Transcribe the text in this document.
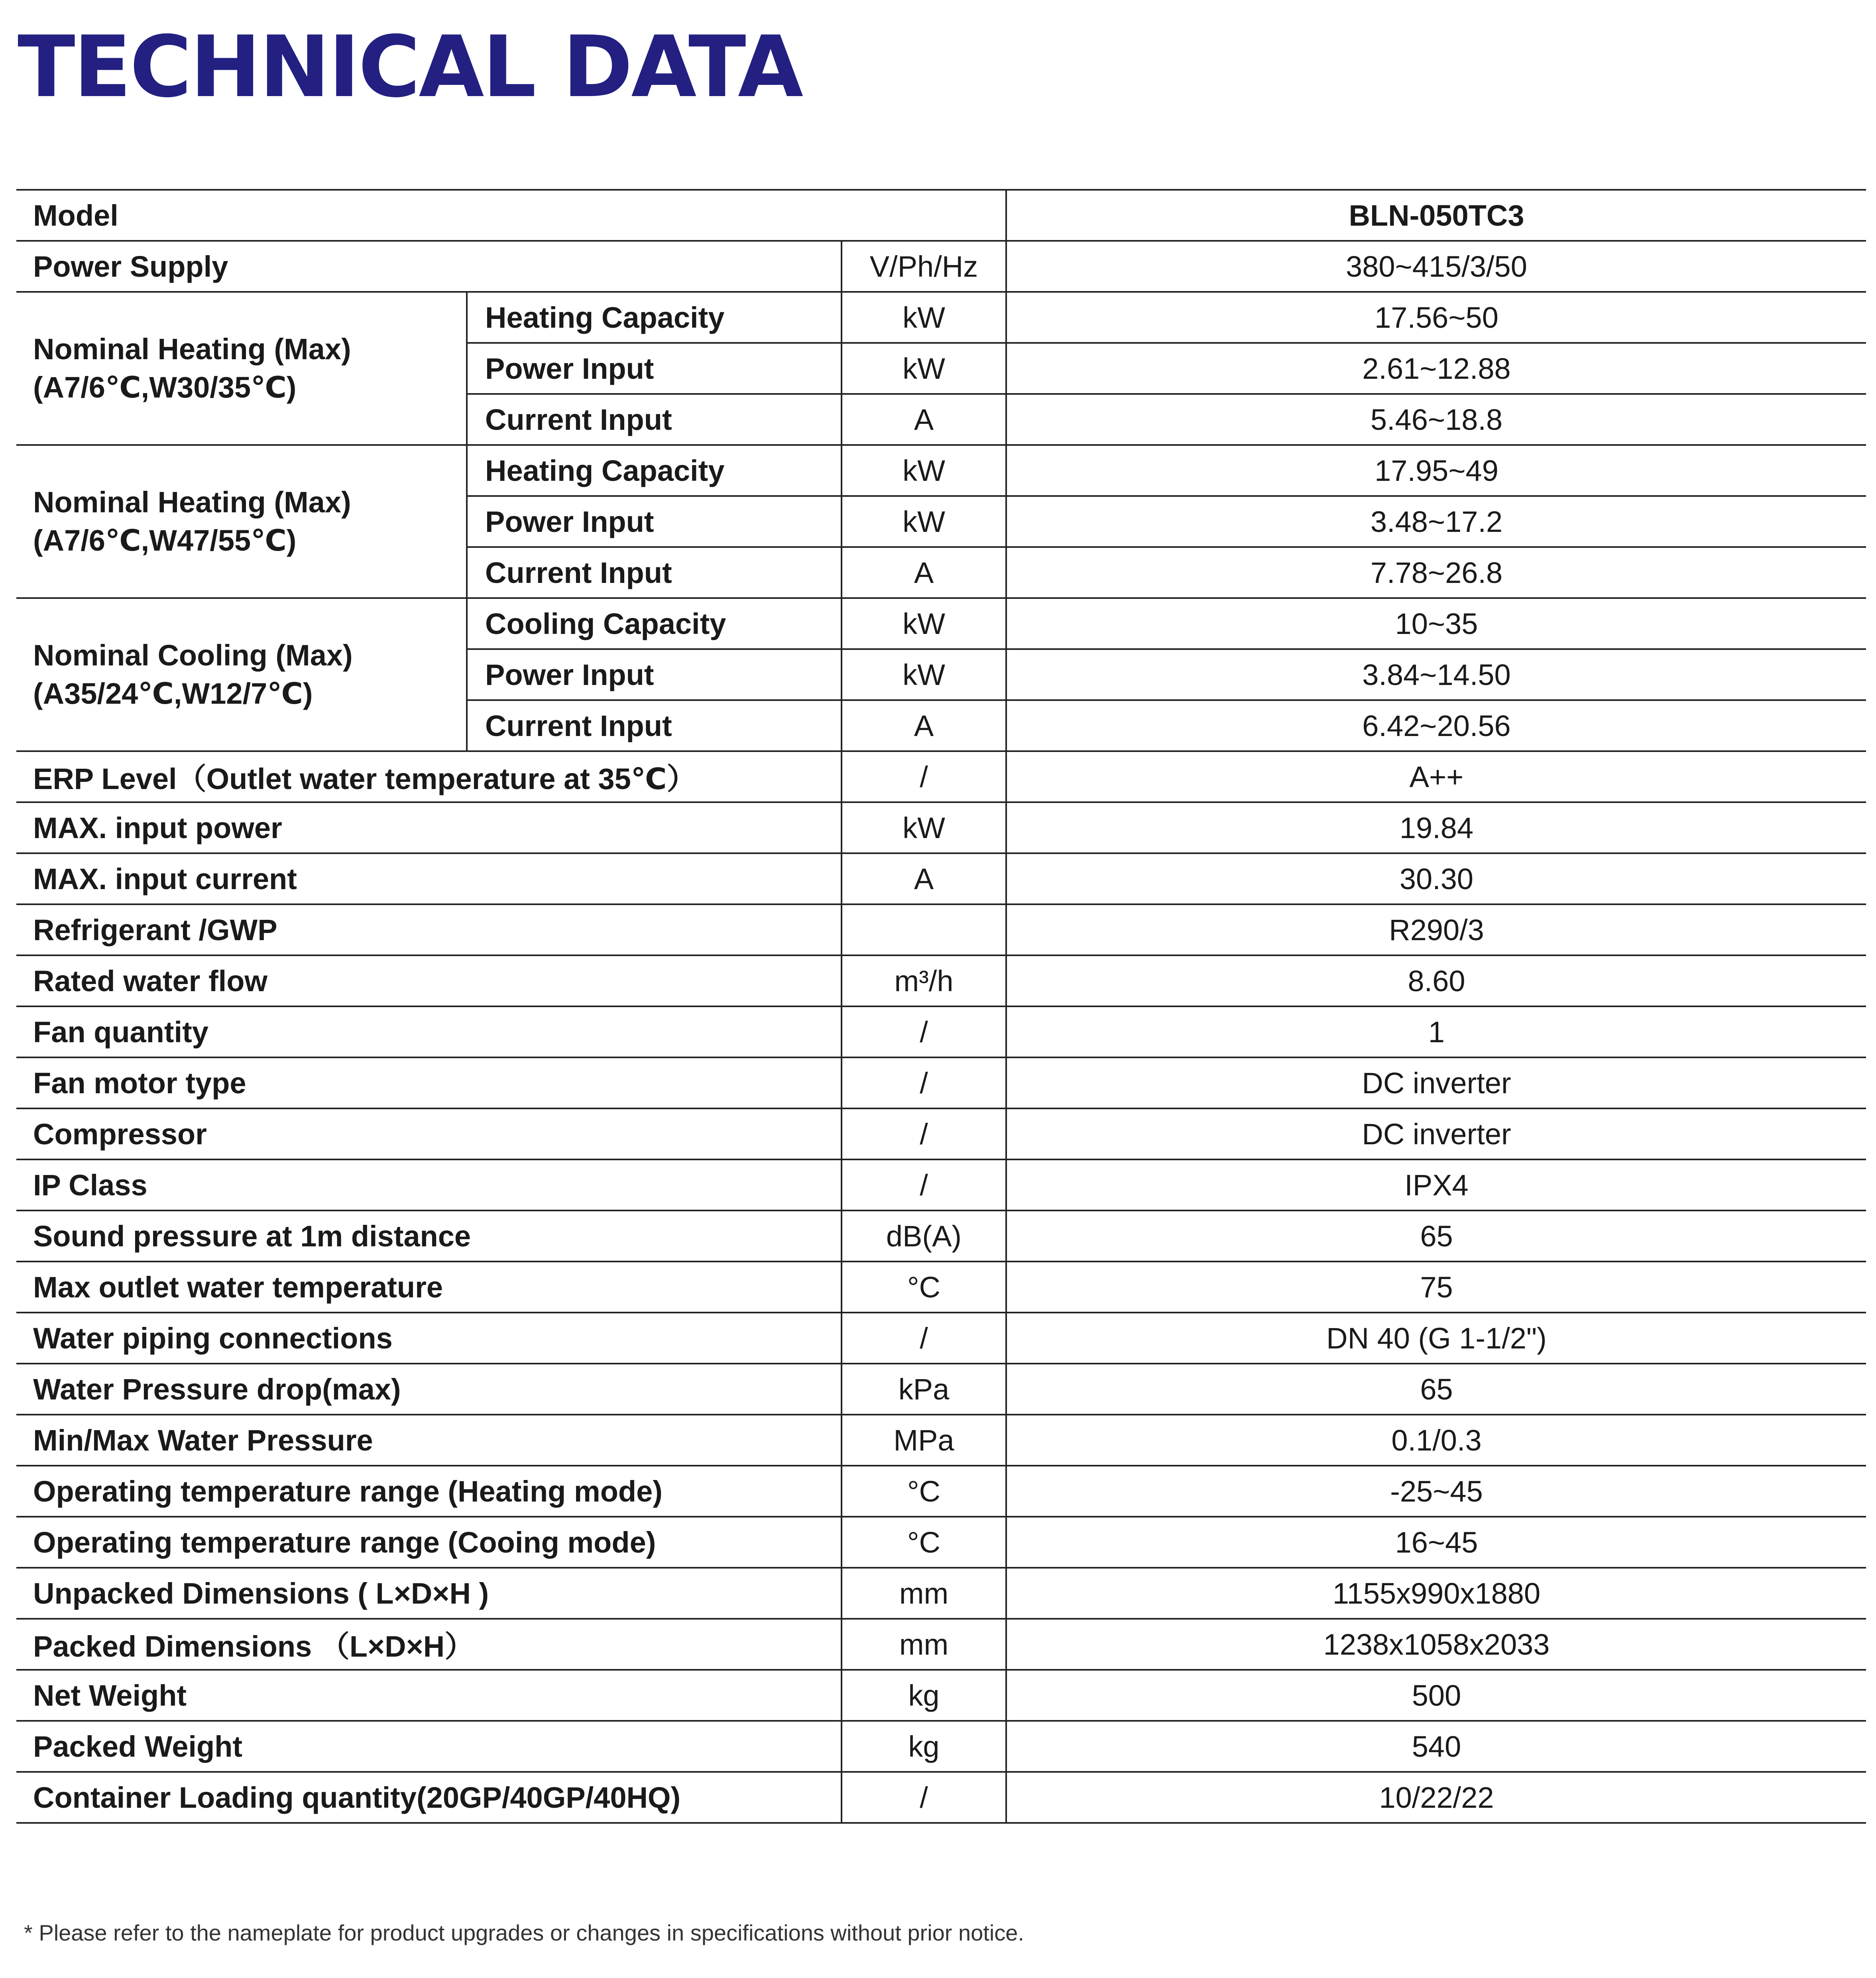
TECHNICAL DATA
Model			BLN-050TC3
Power Supply		V/Ph/Hz	380~415/3/50

Nominal Heating (Max)
(A7/6℃,W30/35℃)	Heating Capacity	kW	17.56~50
	Power Input	kW	2.61~12.88
	Current Input	A	5.46~18.8

Nominal Heating (Max)
(A7/6℃,W47/55℃)	Heating Capacity	kW	17.95~49
	Power Input	kW	3.48~17.2
	Current Input	A	7.78~26.8

Nominal Cooling (Max)
(A35/24℃,W12/7℃)	Cooling Capacity	kW	10~35
	Power Input	kW	3.84~14.50
	Current Input	A	6.42~20.56
ERP Level（Outlet water temperature at 35℃）		/	A++
MAX. input power		kW	19.84
MAX. input current		A	30.30
Refrigerant /GWP			R290/3
Rated water flow		m³/h	8.60
Fan quantity		/	1
Fan motor type		/	DC inverter
Compressor		/	DC inverter
IP Class		/	IPX4
Sound pressure at 1m distance		dB(A)	65
Max outlet water temperature		°C	75
Water piping connections		/	DN 40 (G 1-1/2")
Water Pressure drop(max)		kPa	65
Min/Max Water Pressure		MPa	0.1/0.3
Operating temperature range (Heating mode)		°C	-25~45
Operating temperature range (Cooing mode)		°C	16~45
Unpacked Dimensions ( L×D×H )		mm	1155x990x1880
Packed Dimensions （L×D×H）		mm	1238x1058x2033
Net Weight		kg	500
Packed Weight		kg	540
Container Loading quantity(20GP/40GP/40HQ)		/	10/22/22

* Please refer to the nameplate for product upgrades or changes in specifications without prior notice.
